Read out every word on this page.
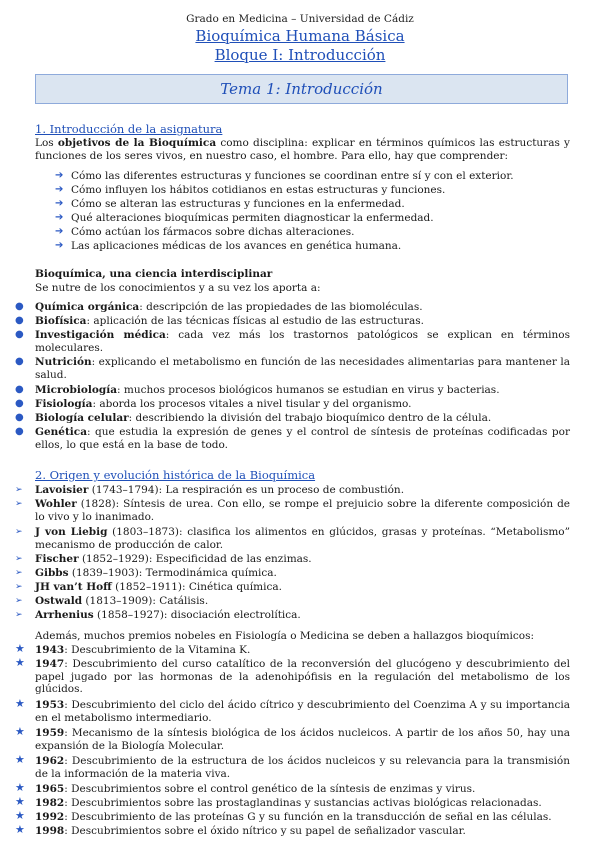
Grado en Medicina – Universidad de Cádiz
Bioquímica Humana Básica
Bloque I: Introducción
Tema 1: Introducción
1. Introducción de la asignatura
Los objetivos de la Bioquímica como disciplina: explicar en términos químicos las estructuras y funciones de los seres vivos, en nuestro caso, el hombre. Para ello, hay que comprender:
➔ Cómo las diferentes estructuras y funciones se coordinan entre sí y con el exterior.
➔ Cómo influyen los hábitos cotidianos en estas estructuras y funciones.
➔ Cómo se alteran las estructuras y funciones en la enfermedad.
➔ Qué alteraciones bioquímicas permiten diagnosticar la enfermedad.
➔ Cómo actúan los fármacos sobre dichas alteraciones.
➔ Las aplicaciones médicas de los avances en genética humana.
Bioquímica, una ciencia interdisciplinar
Se nutre de los conocimientos y a su vez los aporta a:
● Química orgánica: descripción de las propiedades de las biomoléculas.
● Biofísica: aplicación de las técnicas físicas al estudio de las estructuras.
● Investigación médica: cada vez más los trastornos patológicos se explican en términos moleculares.
● Nutrición: explicando el metabolismo en función de las necesidades alimentarias para mantener la salud.
● Microbiología: muchos procesos biológicos humanos se estudian en virus y bacterias.
● Fisiología: aborda los procesos vitales a nivel tisular y del organismo.
● Biología celular: describiendo la división del trabajo bioquímico dentro de la célula.
● Genética: que estudia la expresión de genes y el control de síntesis de proteínas codificadas por ellos, lo que está en la base de todo.
2. Origen y evolución histórica de la Bioquímica
➢ Lavoisier (1743–1794): La respiración es un proceso de combustión.
➢ Wohler (1828): Síntesis de urea. Con ello, se rompe el prejuicio sobre la diferente composición de lo vivo y lo inanimado.
➢ J von Liebig (1803–1873): clasifica los alimentos en glúcidos, grasas y proteínas. “Metabolismo” mecanismo de producción de calor.
➢ Fischer (1852–1929): Especificidad de las enzimas.
➢ Gibbs (1839–1903): Termodinámica química.
➢ JH van’t Hoff (1852–1911): Cinética química.
➢ Ostwald (1813–1909): Catálisis.
➢ Arrhenius (1858–1927): disociación electrolítica.
Además, muchos premios nobeles en Fisiología o Medicina se deben a hallazgos bioquímicos:
★ 1943: Descubrimiento de la Vitamina K.
★ 1947: Descubrimiento del curso catalítico de la reconversión del glucógeno y descubrimiento del papel jugado por las hormonas de la adenohipófisis en la regulación del metabolismo de los glúcidos.
★ 1953: Descubrimiento del ciclo del ácido cítrico y descubrimiento del Coenzima A y su importancia en el metabolismo intermediario.
★ 1959: Mecanismo de la síntesis biológica de los ácidos nucleicos. A partir de los años 50, hay una expansión de la Biología Molecular.
★ 1962: Descubrimiento de la estructura de los ácidos nucleicos y su relevancia para la transmisión de la información de la materia viva.
★ 1965: Descubrimientos sobre el control genético de la síntesis de enzimas y virus.
★ 1982: Descubrimientos sobre las prostaglandinas y sustancias activas biológicas relacionadas.
★ 1992: Descubrimiento de las proteínas G y su función en la transducción de señal en las células.
★ 1998: Descubrimientos sobre el óxido nítrico y su papel de señalizador vascular.
